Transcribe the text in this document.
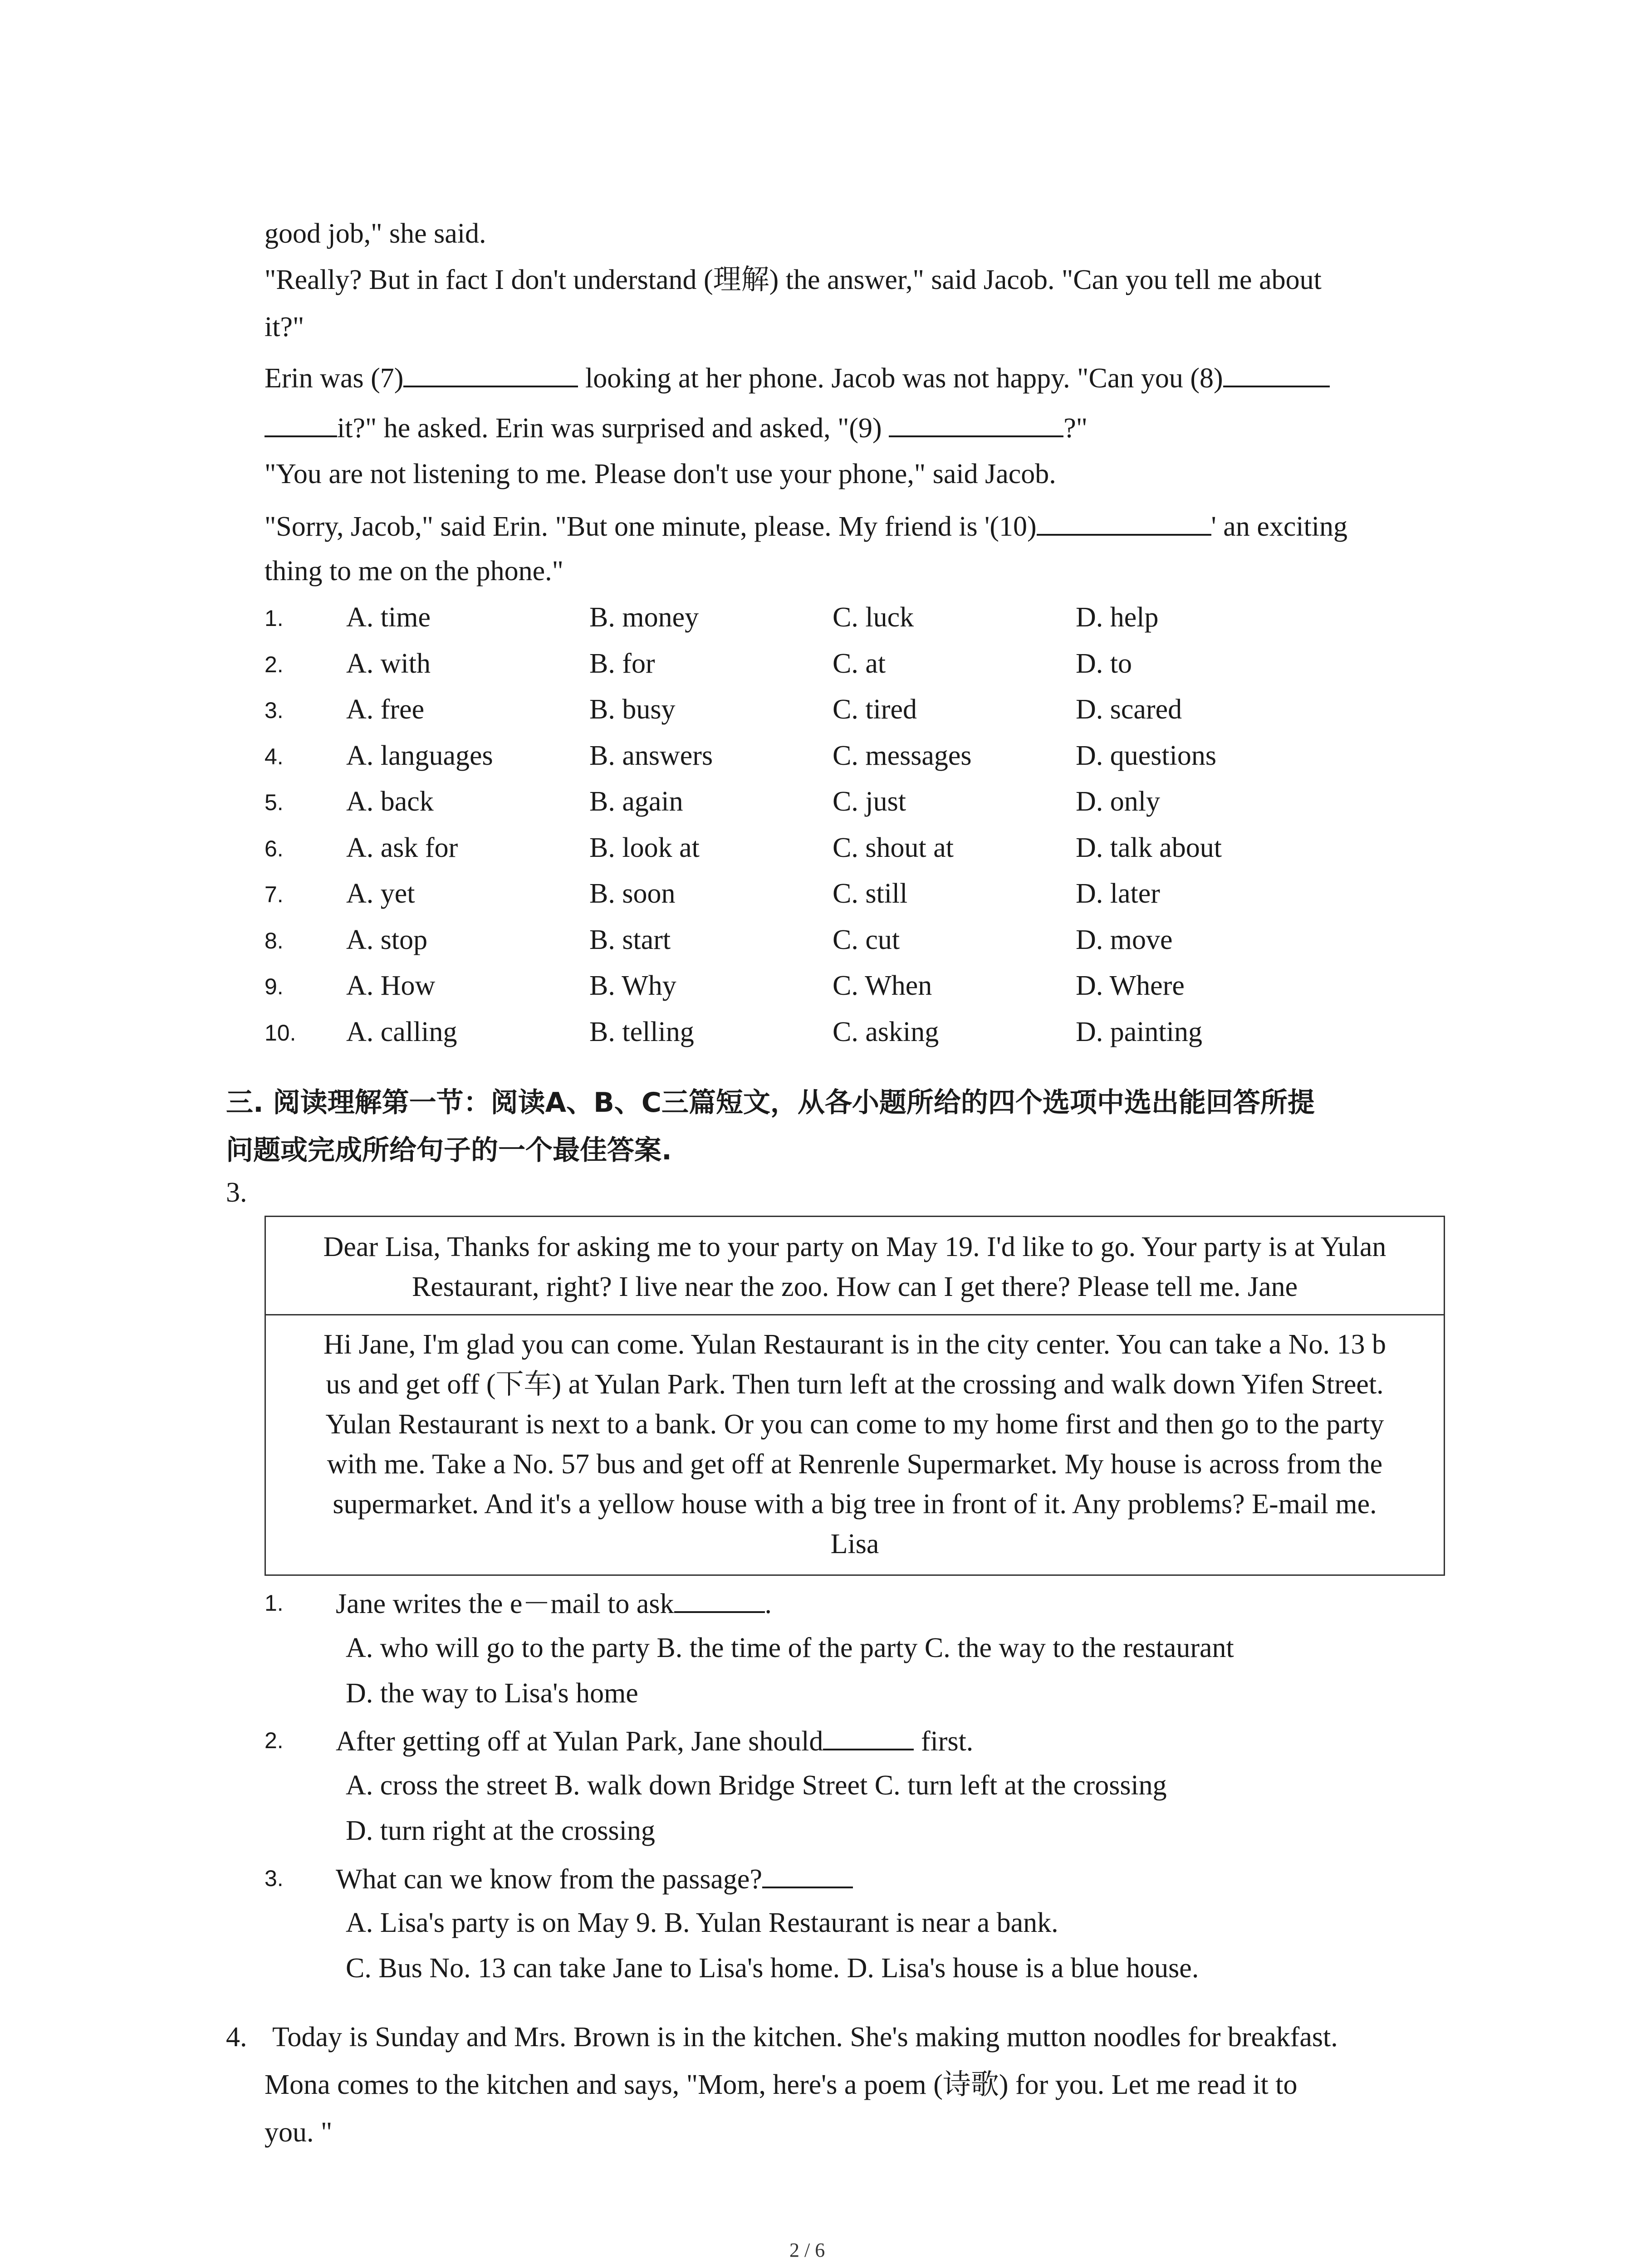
good job," she said.
"Really? But in fact I don't understand (理解) the answer," said Jacob. "Can you tell me about
it?"
Erin was (7)	looking at her phone. Jacob was not happy. "Can you (8)
it?" he asked. Erin was surprised and asked, "(9)	?"
"You are not listening to me. Please don't use your phone," said Jacob.
"Sorry, Jacob," said Erin. "But one minute, please. My friend is '(10)	' an exciting
thing to me on the phone."
1. A. time	B. money	C. luck	D. help
2. A. with	B. for	C. at	D. to
3. A. free	B. busy	C. tired	D. scared
4. A. languages	B. answers	C. messages	D. questions
5. A. back	B. again	C. just	D. only
6. A. ask for	B. look at	C. shout at	D. talk about
7. A. yet	B. soon	C. still	D. later
8. A. stop	B. start	C. cut	D. move
9. A. How	B. Why	C. When	D. Where
10. A. calling	B. telling	C. asking	D. painting
三. 阅读理解第一节：阅读A、B、C三篇短文，从各小题所给的四个选项中选出能回答所提
问题或完成所给句子的一个最佳答案.
3.
Dear Lisa, Thanks for asking me to your party on May 19. I'd like to go. Your party is at Yulan
Restaurant, right? I live near the zoo. How can I get there? Please tell me. Jane
Hi Jane, I'm glad you can come. Yulan Restaurant is in the city center. You can take a No. 13 b
us and get off (下车) at Yulan Park. Then turn left at the crossing and walk down Yifen Street.
Yulan Restaurant is next to a bank. Or you can come to my home first and then go to the party
with me. Take a No. 57 bus and get off at Renrenle Supermarket. My house is across from the
supermarket. And it's a yellow house with a big tree in front of it. Any problems? E-mail me.
Lisa
1. Jane writes the e－mail to ask	.
A. who will go to the party B. the time of the party C. the way to the restaurant
D. the way to Lisa's home
2. After getting off at Yulan Park, Jane should	first.
A. cross the street B. walk down Bridge Street C. turn left at the crossing
D. turn right at the crossing
3. What can we know from the passage?
A. Lisa's party is on May 9. B. Yulan Restaurant is near a bank.
C. Bus No. 13 can take Jane to Lisa's home. D. Lisa's house is a blue house.
4. Today is Sunday and Mrs. Brown is in the kitchen. She's making mutton noodles for breakfast.
Mona comes to the kitchen and says, "Mom, here's a poem (诗歌) for you. Let me read it to
you. "
2 / 6
